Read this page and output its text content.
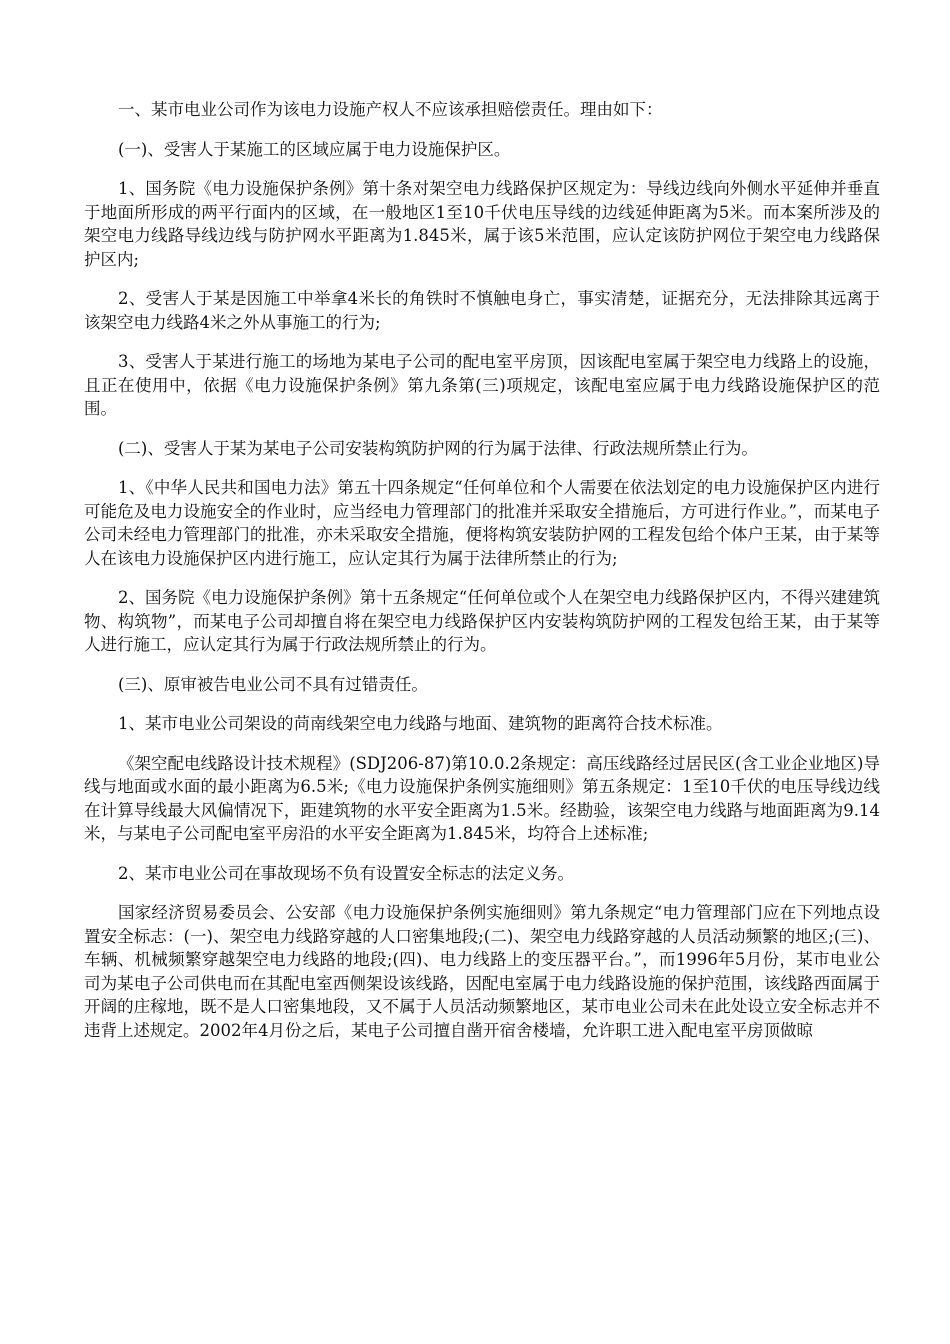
一、某市电业公司作为该电力设施产权人不应该承担赔偿责任。理由如下：

(一)、受害人于某施工的区域应属于电力设施保护区。

1、国务院《电力设施保护条例》第十条对架空电力线路保护区规定为：导线边线向外侧水平延伸并垂直于地面所形成的两平行面内的区域，在一般地区1至10千伏电压导线的边线延伸距离为5米。而本案所涉及的架空电力线路导线边线与防护网水平距离为1.845米，属于该5米范围，应认定该防护网位于架空电力线路保护区内;

2、受害人于某是因施工中举拿4米长的角铁时不慎触电身亡，事实清楚，证据充分，无法排除其远离于该架空电力线路4米之外从事施工的行为;

3、受害人于某进行施工的场地为某电子公司的配电室平房顶，因该配电室属于架空电力线路上的设施，且正在使用中，依据《电力设施保护条例》第九条第(三)项规定，该配电室应属于电力线路设施保护区的范围。

(二)、受害人于某为某电子公司安装构筑防护网的行为属于法律、行政法规所禁止行为。

1、《中华人民共和国电力法》第五十四条规定“任何单位和个人需要在依法划定的电力设施保护区内进行可能危及电力设施安全的作业时，应当经电力管理部门的批准并采取安全措施后，方可进行作业。”，而某电子公司未经电力管理部门的批准，亦未采取安全措施，便将构筑安装防护网的工程发包给个体户王某，由于某等人在该电力设施保护区内进行施工，应认定其行为属于法律所禁止的行为;

2、国务院《电力设施保护条例》第十五条规定“任何单位或个人在架空电力线路保护区内，不得兴建建筑物、构筑物”，而某电子公司却擅自将在架空电力线路保护区内安装构筑防护网的工程发包给王某，由于某等人进行施工，应认定其行为属于行政法规所禁止的行为。

(三)、原审被告电业公司不具有过错责任。

1、某市电业公司架设的苘南线架空电力线路与地面、建筑物的距离符合技术标准。

《架空配电线路设计技术规程》(SDJ206-87)第10.0.2条规定：高压线路经过居民区(含工业企业地区)导线与地面或水面的最小距离为6.5米;《电力设施保护条例实施细则》第五条规定：1至10千伏的电压导线边线在计算导线最大风偏情况下，距建筑物的水平安全距离为1.5米。经勘验，该架空电力线路与地面距离为9.14米，与某电子公司配电室平房沿的水平安全距离为1.845米，均符合上述标准;

2、某市电业公司在事故现场不负有设置安全标志的法定义务。

国家经济贸易委员会、公安部《电力设施保护条例实施细则》第九条规定“电力管理部门应在下列地点设置安全标志：(一)、架空电力线路穿越的人口密集地段;(二)、架空电力线路穿越的人员活动频繁的地区;(三)、车辆、机械频繁穿越架空电力线路的地段;(四)、电力线路上的变压器平台。”，而1996年5月份，某市电业公司为某电子公司供电而在其配电室西侧架设该线路，因配电室属于电力线路设施的保护范围，该线路西面属于开阔的庄稼地，既不是人口密集地段，又不属于人员活动频繁地区，某市电业公司未在此处设立安全标志并不违背上述规定。2002年4月份之后，某电子公司擅自凿开宿舍楼墙，允许职工进入配电室平房顶做晾
